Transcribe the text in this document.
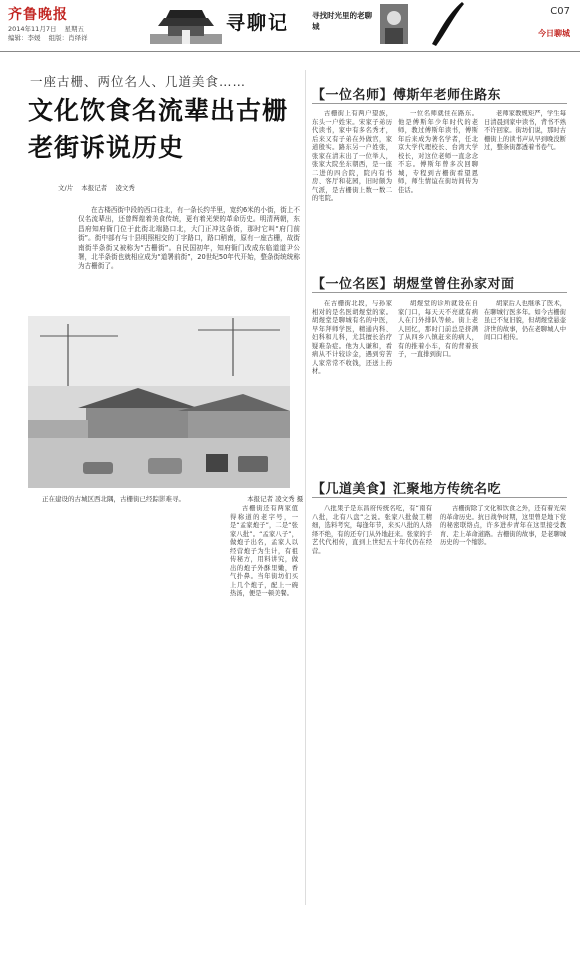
齐鲁晚报
2014年11月7日 星期五
编辑：李媛 组版：肖绎祥
寻聊记	寻找时光里的老聊城
C07
今日聊城
一座古栅、两位名人、几道美食……
文化饮食名流辈出古栅老街诉说历史
文/片 本报记者 凌文秀
在古楼西街中段的西口往北，有一条长约半里，宽约6米的小街，街上不仅名流辈出，还曾辉煌着美食传统，更有着光荣的革命历史。明清两朝，东昌府知府衙门位于此街北端路口北，大门正冲这条街，那时它叫“府门前街”。街中部有与十县明照相交的丁字路口，路口稍南，原有一座古栅，故街南街半条街又被称为“古栅街”。自民国初年，知府衙门改成东临道道尹公署，北半条街也就相应成为“道署前街”，20世纪50年代开始，整条街统统称为古栅街了。
正在建设的古城区西北隅，古栅街已经踪影难寻。	本报记者 凌文秀 摄
【一位名师】傅斯年老师住路东
古栅街上有两户望族，东头一户姓宋。宋家子弟历代读书，家中有多名秀才，后来又有子弟在外做官，家道殷实。路东另一户姓张，张家在清末出了一位举人，张家大院坐东朝西，是一座二进的四合院，院内有书房、客厅和花园，旧时颇为气派，是古栅街上数一数二的宅院。
一位名师就住在路东。他是傅斯年少年时代的老师，教过傅斯年读书，傅斯年后来成为著名学者，任北京大学代理校长、台湾大学校长，对这位老师一直念念不忘。傅斯年曾多次回聊城，专程到古栅街看望恩师，师生情谊在街坊间传为佳话。
老师家教规矩严，学生每日清晨到家中读书，背书不熟不许回家。街坊们说，那时古栅街上的读书声从早到晚没断过，整条街都透着书卷气。
【一位名医】胡煜堂曾住孙家对面
在古栅街北段，与孙家相对的是名医胡煜堂的家。胡煜堂是聊城有名的中医，早年拜师学医，精通内科、妇科和儿科，尤其擅长治疗疑难杂症。他为人谦和，看病从不计较诊金，遇到穷苦人家常常不收钱，还送上药材。
胡煜堂的诊所就设在自家门口，每天天不亮就有病人在门外排队等候。街上老人回忆，那时门前总是挤满了从四乡八镇赶来的病人，有的推着小车，有的背着孩子，一直排到街口。
胡家后人也继承了医术，在聊城行医多年。如今古栅街虽已不复旧貌，但胡煜堂悬壶济世的故事，仍在老聊城人中间口口相传。
【几道美食】汇聚地方传统名吃
古栅街还有两家值得称道的老字号，一是“孟家炮子”，二是“张家八批”。“孟家八子”，做炮子出名，孟家人以经营炮子为生计，有祖传秘方，用料讲究，做出的炮子外酥里嫩，香气扑鼻。当年街坊们买上几个炮子，配上一碗热汤，便是一顿美餐。
八批果子是东昌府传统名吃，有“南有八批，北有八盘”之说。张家八批做工精细，选料考究，每逢年节，来买八批的人络绎不绝，有的还专门从外地赶来。张家的手艺代代相传，直到上世纪五十年代仍在经营。
古栅街除了文化和饮食之外，还有着光荣的革命历史。抗日战争时期，这里曾是地下党的秘密联络点，许多进步青年在这里接受教育、走上革命道路。古栅街的故事，是老聊城历史的一个缩影。
